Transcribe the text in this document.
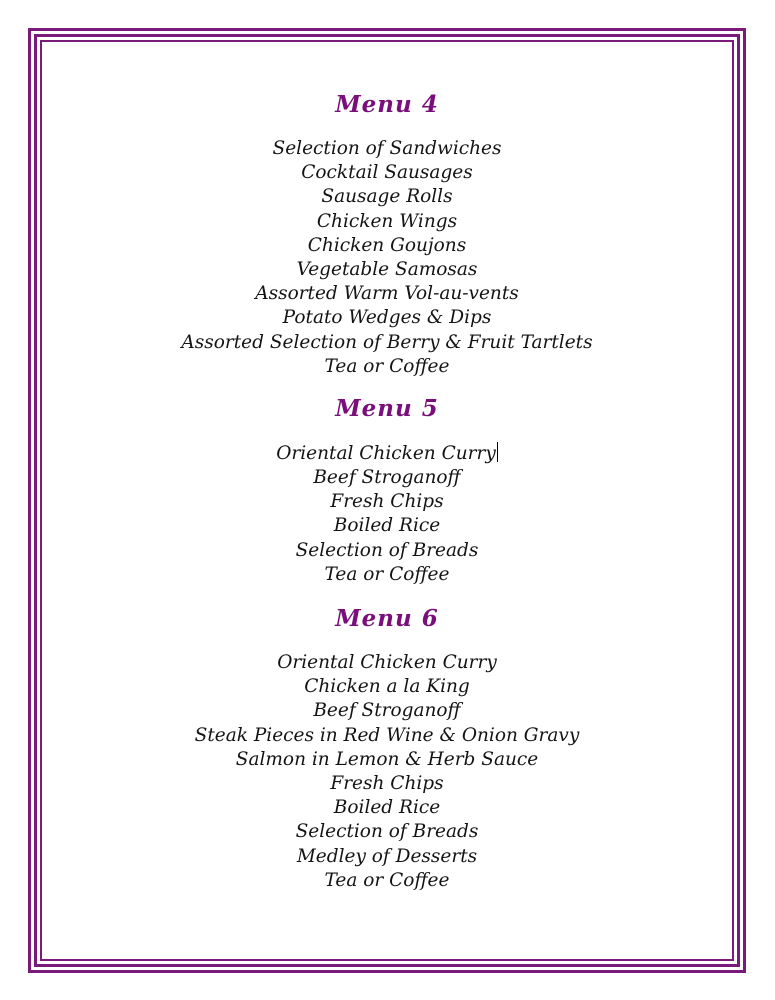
Menu 4
Selection of Sandwiches
Cocktail Sausages
Sausage Rolls
Chicken Wings
Chicken Goujons
Vegetable Samosas
Assorted Warm Vol-au-vents
Potato Wedges & Dips
Assorted Selection of Berry & Fruit Tartlets
Tea or Coffee
Menu 5
Oriental Chicken Curry
Beef Stroganoff
Fresh Chips
Boiled Rice
Selection of Breads
Tea or Coffee
Menu 6
Oriental Chicken Curry
Chicken a la King
Beef Stroganoff
Steak Pieces in Red Wine & Onion Gravy
Salmon in Lemon & Herb Sauce
Fresh Chips
Boiled Rice
Selection of Breads
Medley of Desserts
Tea or Coffee
